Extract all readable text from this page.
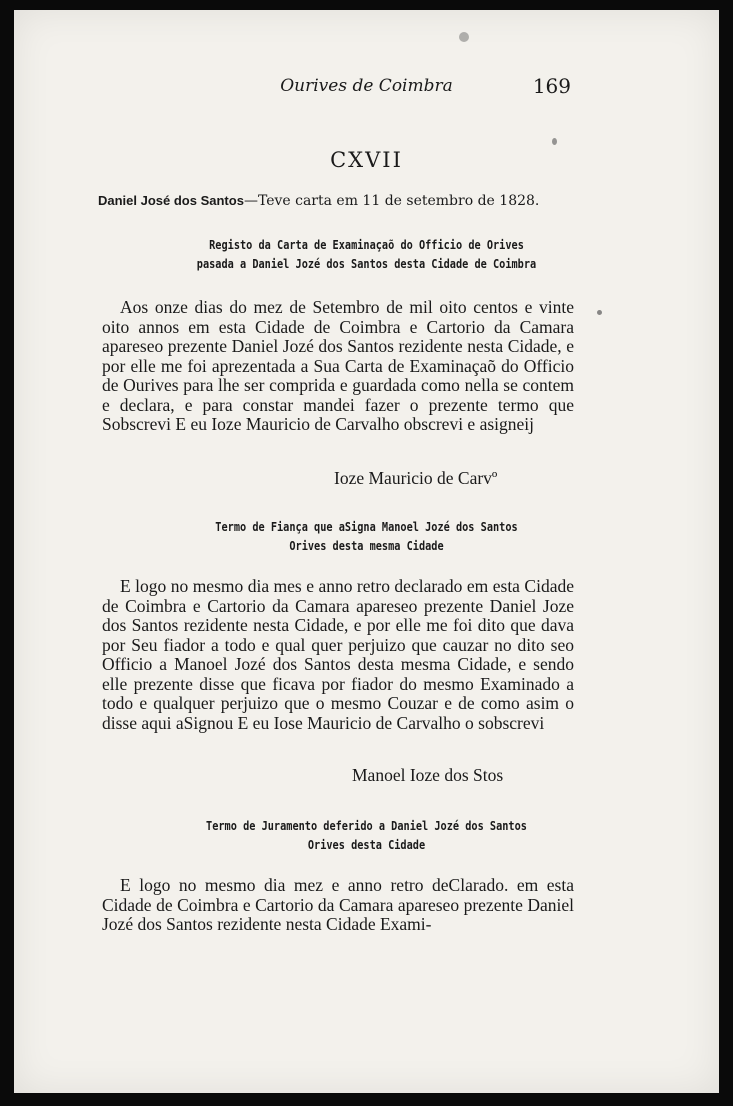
Ourives de Coimbra	169
CXVII
Daniel José dos Santos—Teve carta em 11 de setembro de 1828.
Registo da Carta de Examinaçaõ do Officio de Orives
pasada a Daniel Jozé dos Santos desta Cidade de Coimbra
Aos onze dias do mez de Setembro de mil oito centos e vinte oito annos em esta Cidade de Coimbra e Cartorio da Camara apareseo prezente Daniel Jozé dos Santos rezidente nesta Cidade, e por elle me foi aprezentada a Sua Carta de Examinaçaõ do Officio de Ourives para lhe ser comprida e guardada como nella se contem e declara, e para constar mandei fazer o prezente termo que Sobscrevi E eu Ioze Mauricio de Carvalho obscrevi e asigneij
Ioze Mauricio de Carvº
Termo de Fiança que aSigna Manoel Jozé dos Santos
Orives desta mesma Cidade
E logo no mesmo dia mes e anno retro declarado em esta Cidade de Coimbra e Cartorio da Camara apareseo prezente Daniel Joze dos Santos rezidente nesta Cidade, e por elle me foi dito que dava por Seu fiador a todo e qual quer perjuizo que cauzar no dito seo Officio a Manoel Jozé dos Santos desta mesma Cidade, e sendo elle prezente disse que ficava por fiador do mesmo Examinado a todo e qualquer perjuizo que o mesmo Couzar e de como asim o disse aqui aSignou E eu Iose Mauricio de Carvalho o sobscrevi
Manoel Ioze dos Stos
Termo de Juramento deferido a Daniel Jozé dos Santos
Orives desta Cidade
E logo no mesmo dia mez e anno retro deClarado. em esta Cidade de Coimbra e Cartorio da Camara apareseo prezente Daniel Jozé dos Santos rezidente nesta Cidade Exami-
